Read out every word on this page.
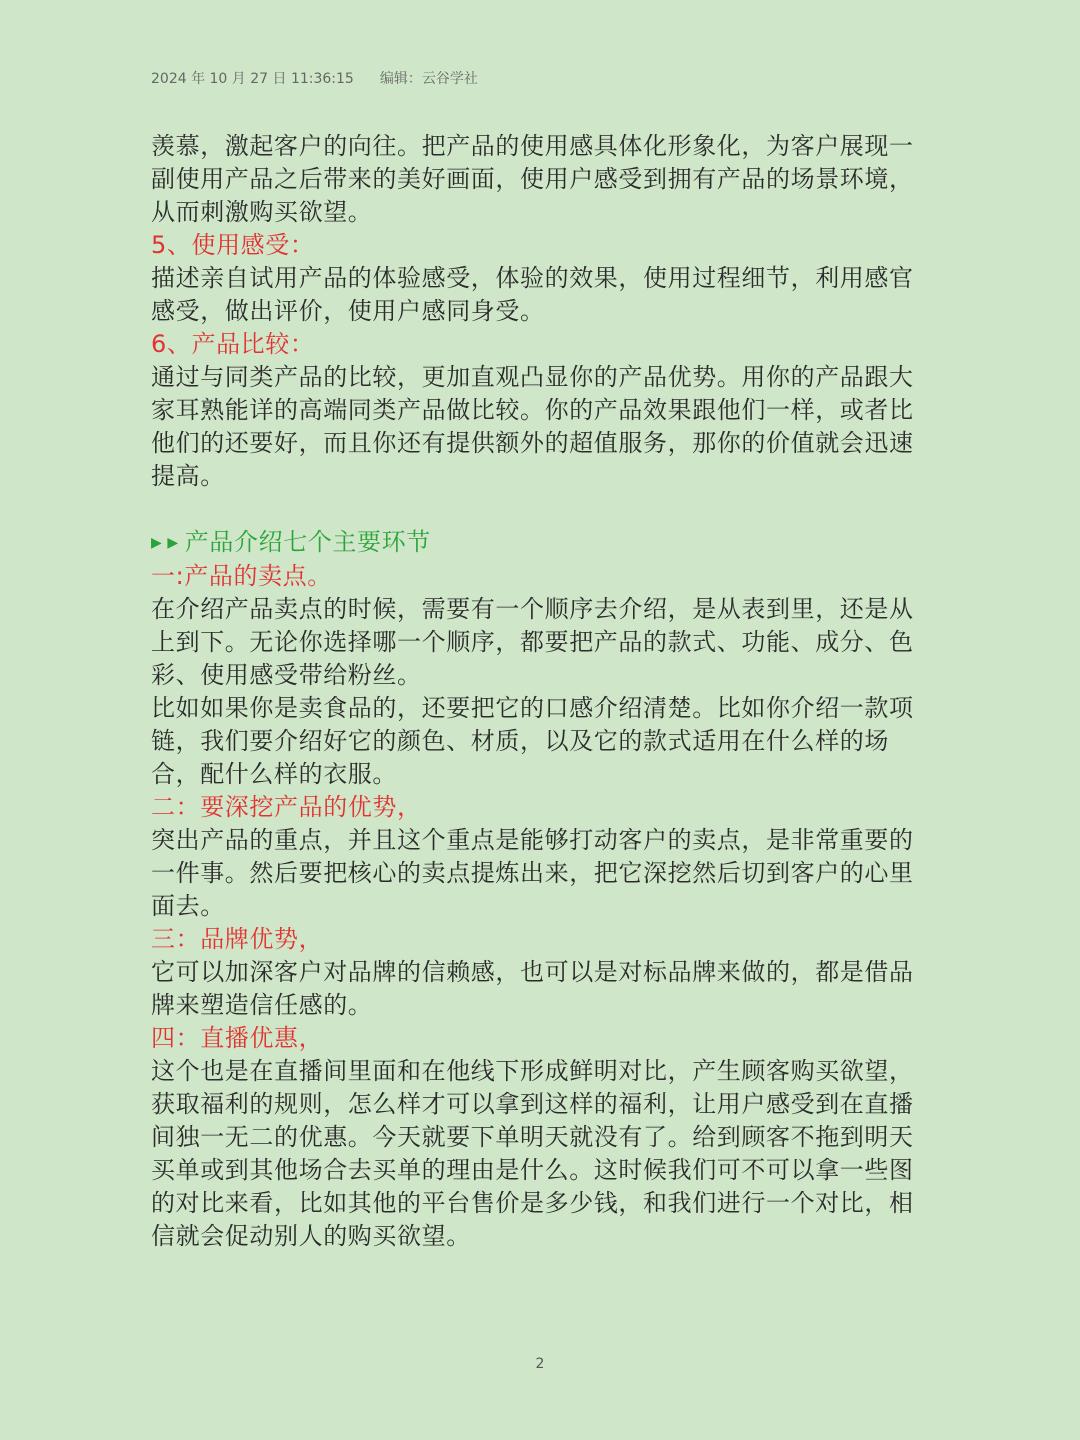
2024 年 10 月 27 日 11:36:15 编辑：云谷学社

羡慕，激起客户的向往。把产品的使用感具体化形象化，为客户展现一副使用产品之后带来的美好画面，使用户感受到拥有产品的场景环境，从而刺激购买欲望。

5、使用感受：

描述亲自试用产品的体验感受，体验的效果，使用过程细节，利用感官感受，做出评价，使用户感同身受。

6、产品比较：

通过与同类产品的比较，更加直观凸显你的产品优势。用你的产品跟大家耳熟能详的高端同类产品做比较。你的产品效果跟他们一样，或者比他们的还要好，而且你还有提供额外的超值服务，那你的价值就会迅速提高。

▶ ▶ 产品介绍七个主要环节

一:产品的卖点。

在介绍产品卖点的时候，需要有一个顺序去介绍，是从表到里，还是从上到下。无论你选择哪一个顺序，都要把产品的款式、功能、成分、色彩、使用感受带给粉丝。

比如如果你是卖食品的，还要把它的口感介绍清楚。比如你介绍一款项链，我们要介绍好它的颜色、材质，以及它的款式适用在什么样的场合，配什么样的衣服。

二：要深挖产品的优势，

突出产品的重点，并且这个重点是能够打动客户的卖点，是非常重要的一件事。然后要把核心的卖点提炼出来，把它深挖然后切到客户的心里面去。

三：品牌优势，

它可以加深客户对品牌的信赖感，也可以是对标品牌来做的，都是借品牌来塑造信任感的。

四：直播优惠，

这个也是在直播间里面和在他线下形成鲜明对比，产生顾客购买欲望，获取福利的规则，怎么样才可以拿到这样的福利，让用户感受到在直播间独一无二的优惠。今天就要下单明天就没有了。给到顾客不拖到明天买单或到其他场合去买单的理由是什么。这时候我们可不可以拿一些图的对比来看，比如其他的平台售价是多少钱，和我们进行一个对比，相信就会促动别人的购买欲望。

2
